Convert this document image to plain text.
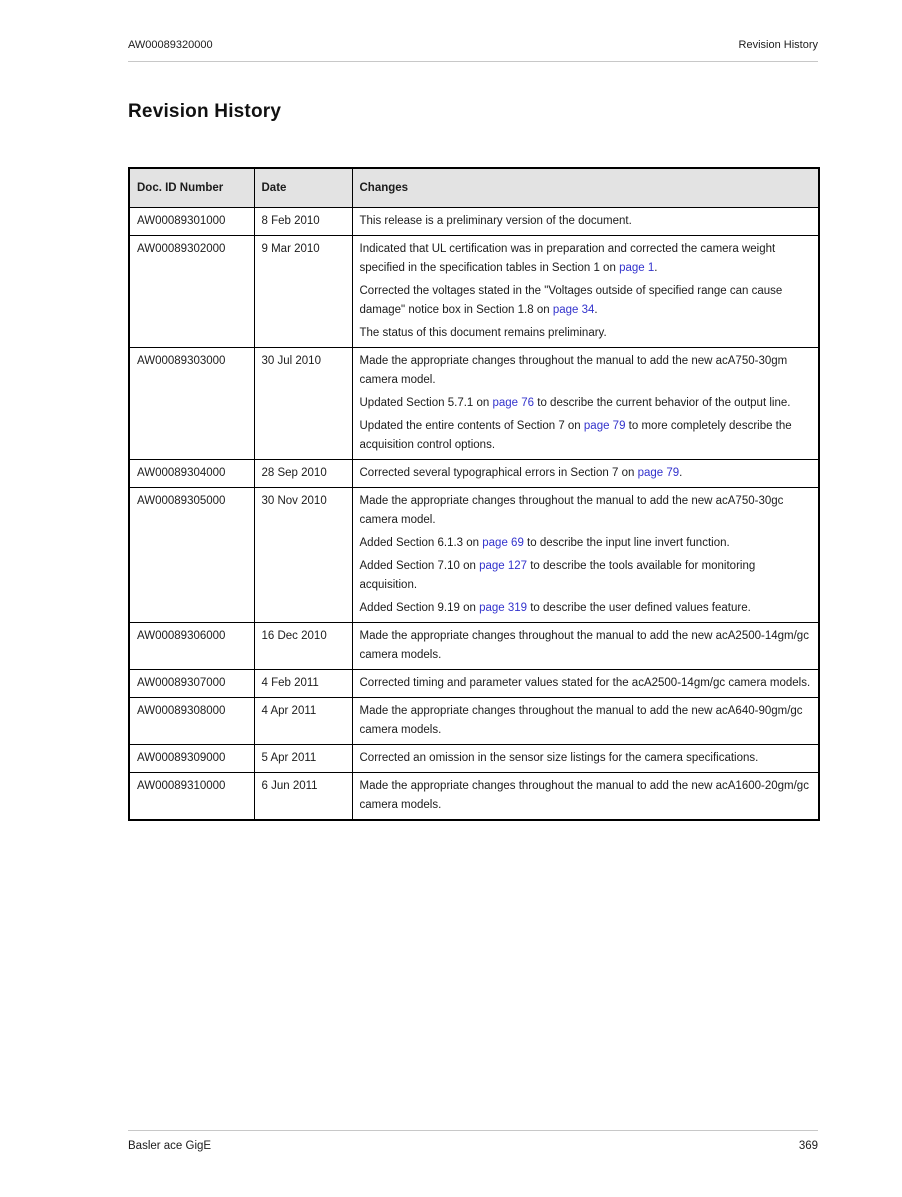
AW00089320000	Revision History
Revision History
Doc. ID Number	Date	Changes
AW00089301000	8 Feb 2010	This release is a preliminary version of the document.

AW00089302000	9 Mar 2010	Indicated that UL certification was in preparation and corrected the camera weight specified in the specification tables in Section 1 on page 1.

Corrected the voltages stated in the "Voltages outside of specified range can cause damage" notice box in Section 1.8 on page 34.

The status of this document remains preliminary.

AW00089303000	30 Jul 2010	Made the appropriate changes throughout the manual to add the new acA750-30gm camera model.

Updated Section 5.7.1 on page 76 to describe the current behavior of the output line.

Updated the entire contents of Section 7 on page 79 to more completely describe the acquisition control options.

AW00089304000	28 Sep 2010	Corrected several typographical errors in Section 7 on page 79.

AW00089305000	30 Nov 2010	Made the appropriate changes throughout the manual to add the new acA750-30gc camera model.

Added Section 6.1.3 on page 69 to describe the input line invert function.

Added Section 7.10 on page 127 to describe the tools available for monitoring acquisition.

Added Section 9.19 on page 319 to describe the user defined values feature.

AW00089306000	16 Dec 2010	Made the appropriate changes throughout the manual to add the new acA2500-14gm/gc camera models.

AW00089307000	4 Feb 2011	Corrected timing and parameter values stated for the acA2500-14gm/gc camera models.

AW00089308000	4 Apr 2011	Made the appropriate changes throughout the manual to add the new acA640-90gm/gc camera models.

AW00089309000	5 Apr 2011	Corrected an omission in the sensor size listings for the camera specifications.

AW00089310000	6 Jun 2011	Made the appropriate changes throughout the manual to add the new acA1600-20gm/gc camera models.

Basler ace GigE	369
